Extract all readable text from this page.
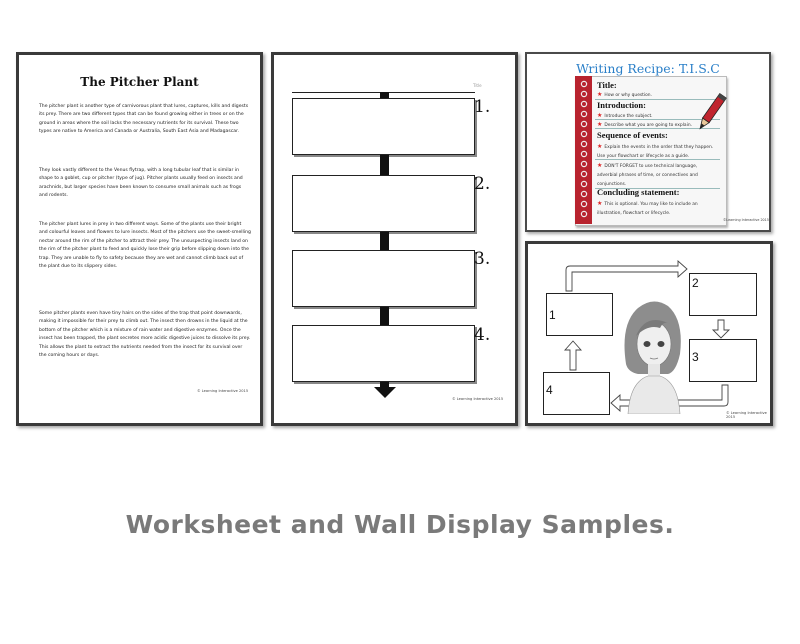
The Pitcher Plant

The pitcher plant is another type of carnivorous plant that lures, captures, kills and digests its prey. There are two different types that can be found growing either in trees or on the ground in areas where the soil lacks the necessary nutrients for its survival. These two types are native to America and Canada or Australia, South East Asia and Madagascar.

They look vastly different to the Venus flytrap, with a long tubular leaf that is similar in shape to a goblet, cup or pitcher (type of jug). Pitcher plants usually feed on insects and arachnids, but larger species have been known to consume small animals such as frogs and rodents.

The pitcher plant lures in prey in two different ways. Some of the plants use their bright and colourful leaves and flowers to lure insects. Most of the pitchers use the sweet-smelling nectar around the rim of the pitcher to attract their prey. The unsuspecting insects land on the rim of the pitcher plant to feed and quickly lose their grip before slipping down into the trap. They are unable to fly to safety because they are wet and cannot climb back out of the plant due to its slippery sides.

Some pitcher plants even have tiny hairs on the sides of the trap that point downwards, making it impossible for their prey to climb out. The insect then drowns in the liquid at the bottom of the pitcher which is a mixture of rain water and digestive enzymes. Once the insect has been trapped, the plant secretes more acidic digestive juices to dissolve its prey. This allows the plant to extract the nutrients needed from the insect for its survival over the coming hours or days.

© Learning Interactive 2015
Title
1.
2.
3.
4.
© Learning Interactive 2015
Writing Recipe: T.I.S.C
Title:
★ How or why question.
Introduction:
★ Introduce the subject.
★ Describe what you are going to explain.
Sequence of events:
★ Explain the events in the order that they happen. Use your flowchart or lifecycle as a guide.
★ DON'T FORGET to use technical language, adverbial phrases of time, or connectives and conjunctions.
Concluding statement:
★ This is optional. You may like to include an illustration, flowchart or lifecycle.
©Learning Interactive 2015
1
2
3
4
© Learning Interactive 2015
Worksheet and Wall Display Samples.
